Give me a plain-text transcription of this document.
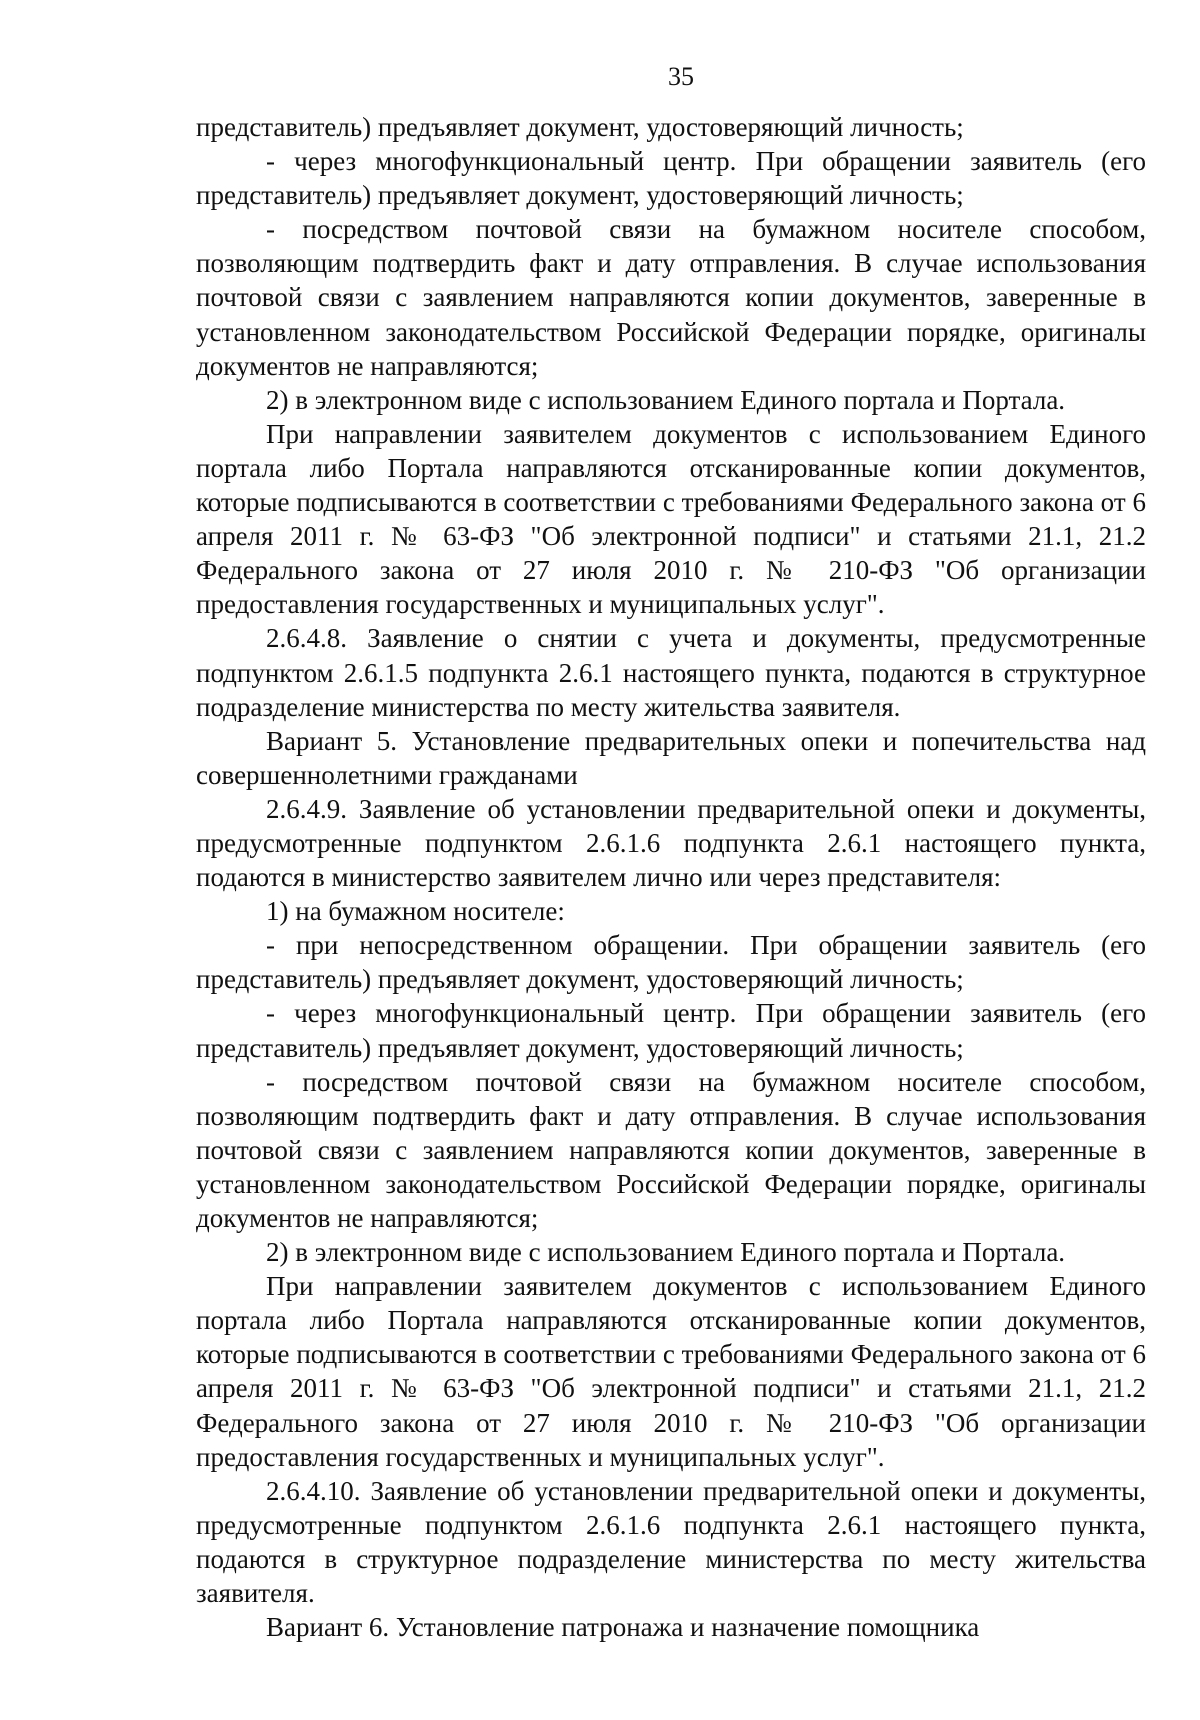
35

представитель) предъявляет документ, удостоверяющий личность;

- через многофункциональный центр. При обращении заявитель (его представитель) предъявляет документ, удостоверяющий личность;

- посредством почтовой связи на бумажном носителе способом, позволяющим подтвердить факт и дату отправления. В случае использования почтовой связи с заявлением направляются копии документов, заверенные в установленном законодательством Российской Федерации порядке, оригиналы документов не направляются;

2) в электронном виде с использованием Единого портала и Портала.

При направлении заявителем документов с использованием Единого портала либо Портала направляются отсканированные копии документов, которые подписываются в соответствии с требованиями Федерального закона от 6 апреля 2011 г. № 63-ФЗ "Об электронной подписи" и статьями 21.1, 21.2 Федерального закона от 27 июля 2010 г. № 210-ФЗ "Об организации предоставления государственных и муниципальных услуг".

2.6.4.8. Заявление о снятии с учета и документы, предусмотренные подпунктом 2.6.1.5 подпункта 2.6.1 настоящего пункта, подаются в структурное подразделение министерства по месту жительства заявителя.

Вариант 5. Установление предварительных опеки и попечительства над совершеннолетними гражданами

2.6.4.9. Заявление об установлении предварительной опеки и документы, предусмотренные подпунктом 2.6.1.6 подпункта 2.6.1 настоящего пункта, подаются в министерство заявителем лично или через представителя:

1) на бумажном носителе:

- при непосредственном обращении. При обращении заявитель (его представитель) предъявляет документ, удостоверяющий личность;

- через многофункциональный центр. При обращении заявитель (его представитель) предъявляет документ, удостоверяющий личность;

- посредством почтовой связи на бумажном носителе способом, позволяющим подтвердить факт и дату отправления. В случае использования почтовой связи с заявлением направляются копии документов, заверенные в установленном законодательством Российской Федерации порядке, оригиналы документов не направляются;

2) в электронном виде с использованием Единого портала и Портала.

При направлении заявителем документов с использованием Единого портала либо Портала направляются отсканированные копии документов, которые подписываются в соответствии с требованиями Федерального закона от 6 апреля 2011 г. № 63-ФЗ "Об электронной подписи" и статьями 21.1, 21.2 Федерального закона от 27 июля 2010 г. № 210-ФЗ "Об организации предоставления государственных и муниципальных услуг".

2.6.4.10. Заявление об установлении предварительной опеки и документы, предусмотренные подпунктом 2.6.1.6 подпункта 2.6.1 настоящего пункта, подаются в структурное подразделение министерства по месту жительства заявителя.

Вариант 6. Установление патронажа и назначение помощника
